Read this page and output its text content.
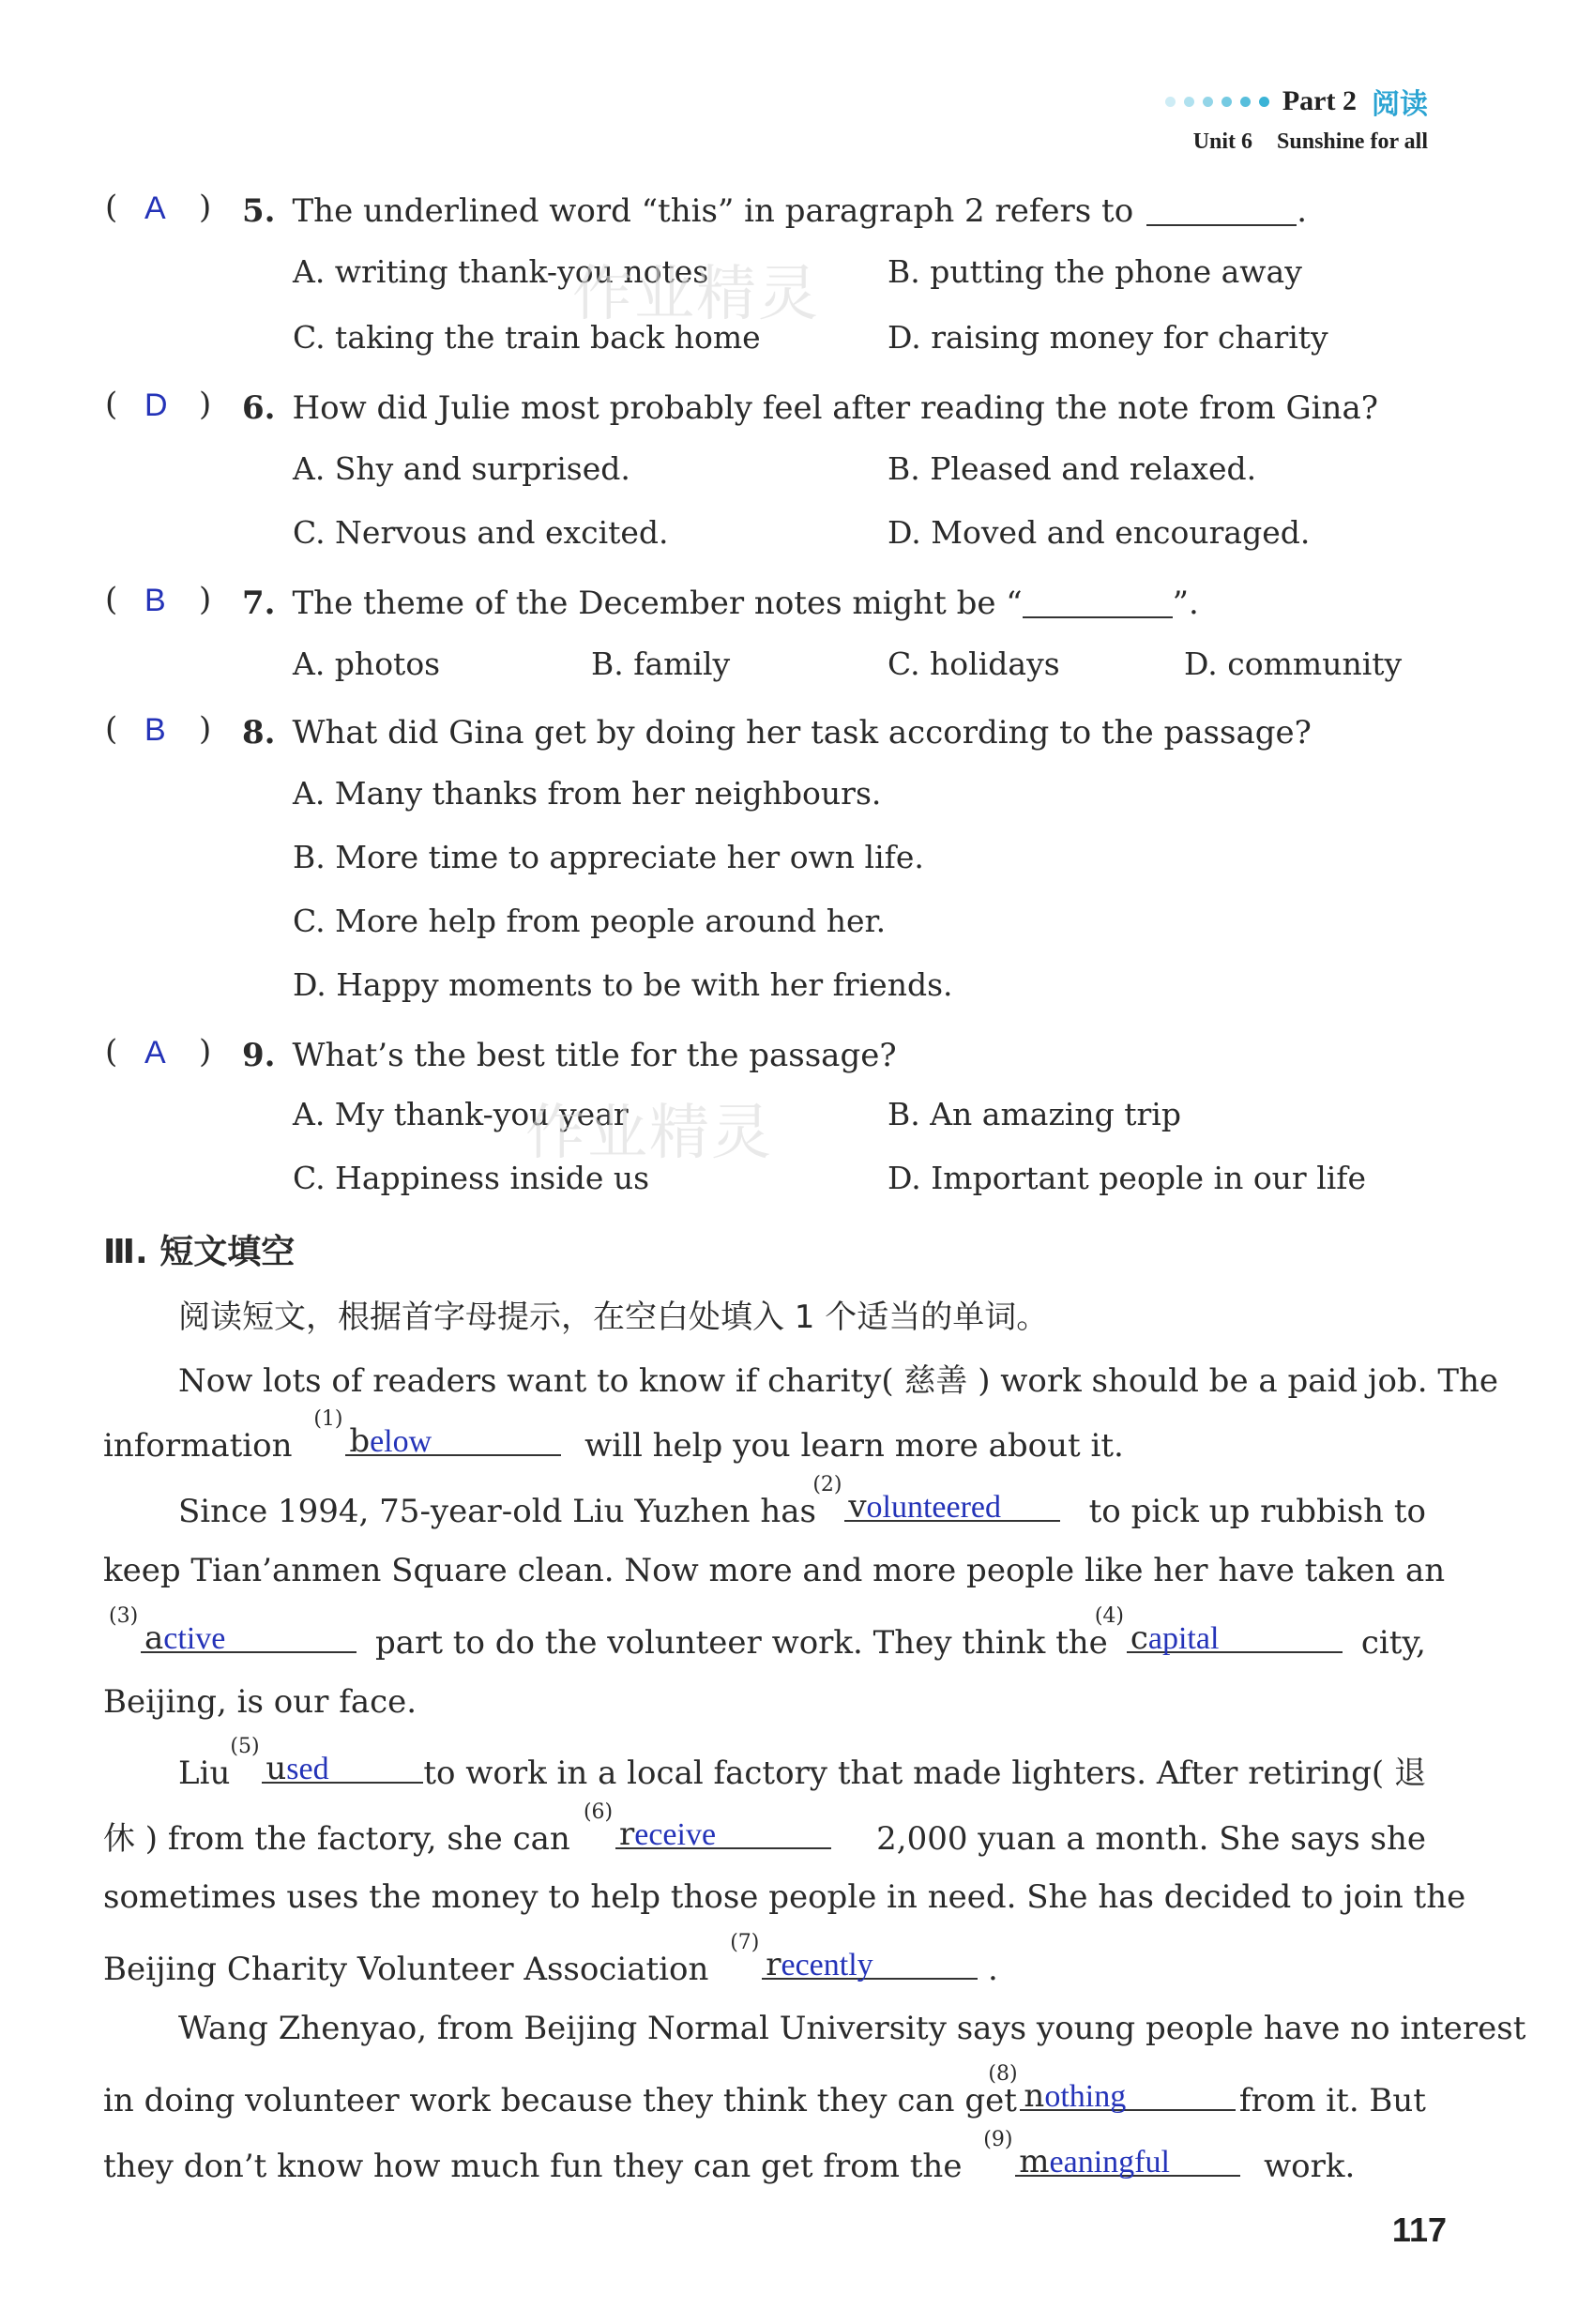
Part 2 阅读
Unit 6 Sunshine for all
( A ) 5. The underlined word “this” in paragraph 2 refers to	.
A. writing thank-you notes	B. putting the phone away
C. taking the train back home	D. raising money for charity
( D ) 6. How did Julie most probably feel after reading the note from Gina?
A. Shy and surprised.	B. Pleased and relaxed.
C. Nervous and excited.	D. Moved and encouraged.
( B ) 7. The theme of the December notes might be “	”.
A. photos	B. family	C. holidays	D. community
( B ) 8. What did Gina get by doing her task according to the passage?
A. Many thanks from her neighbours.
B. More time to appreciate her own life.
C. More help from people around her.
D. Happy moments to be with her friends.
( A ) 9. What’s the best title for the passage?
A. My thank-you year	B. An amazing trip
C. Happiness inside us	D. Important people in our life
作业精灵
作业精灵
Ⅲ. 短文填空
阅读短文，根据首字母提示，在空白处填入 1 个适当的单词。
Now lots of readers want to know if charity( 慈善 ) work should be a paid job. The
information
(1)
below	will help you learn more about it.
Since 1994, 75-year-old Liu Yuzhen has
(2)
volunteered	to pick up rubbish to
keep Tian’anmen Square clean. Now more and more people like her have taken an
(3)
active	part to do the volunteer work. They think the
(4)
capital	city,
Beijing, is our face.
Liu
(5)
used	to work in a local factory that made lighters. After retiring( 退
休 ) from the factory, she can
(6)
receive	2,000 yuan a month. She says she
sometimes uses the money to help those people in need. She has decided to join the
Beijing Charity Volunteer Association
(7)
recently	.
Wang Zhenyao, from Beijing Normal University says young people have no interest
in doing volunteer work because they think they can get
(8)
nothing	from it. But
they don’t know how much fun they can get from the
(9)
meaningful	work.
117
